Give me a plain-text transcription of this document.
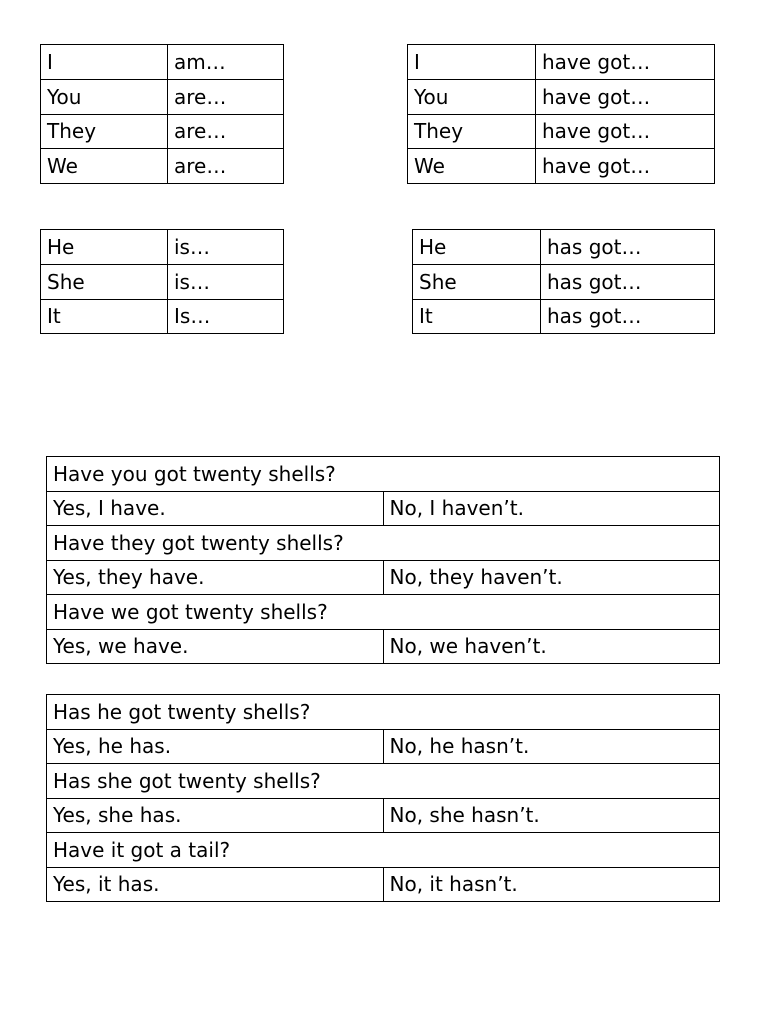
I	am…
You	are…
They	are…
We	are…
I	have got…
You	have got…
They	have got…
We	have got…
He	is…
She	is…
It	Is…
He	has got…
She	has got…
It	has got…
Have you got twenty shells?	
Yes, I have.	No, I haven’t.
Have they got twenty shells?	
Yes, they have.	No, they haven’t.
Have we got twenty shells?	
Yes, we have.	No, we haven’t.
Has he got twenty shells?	
Yes, he has.	No, he hasn’t.
Has she got twenty shells?	
Yes, she has.	No, she hasn’t.
Have it got a tail?	
Yes, it has.	No, it hasn’t.
